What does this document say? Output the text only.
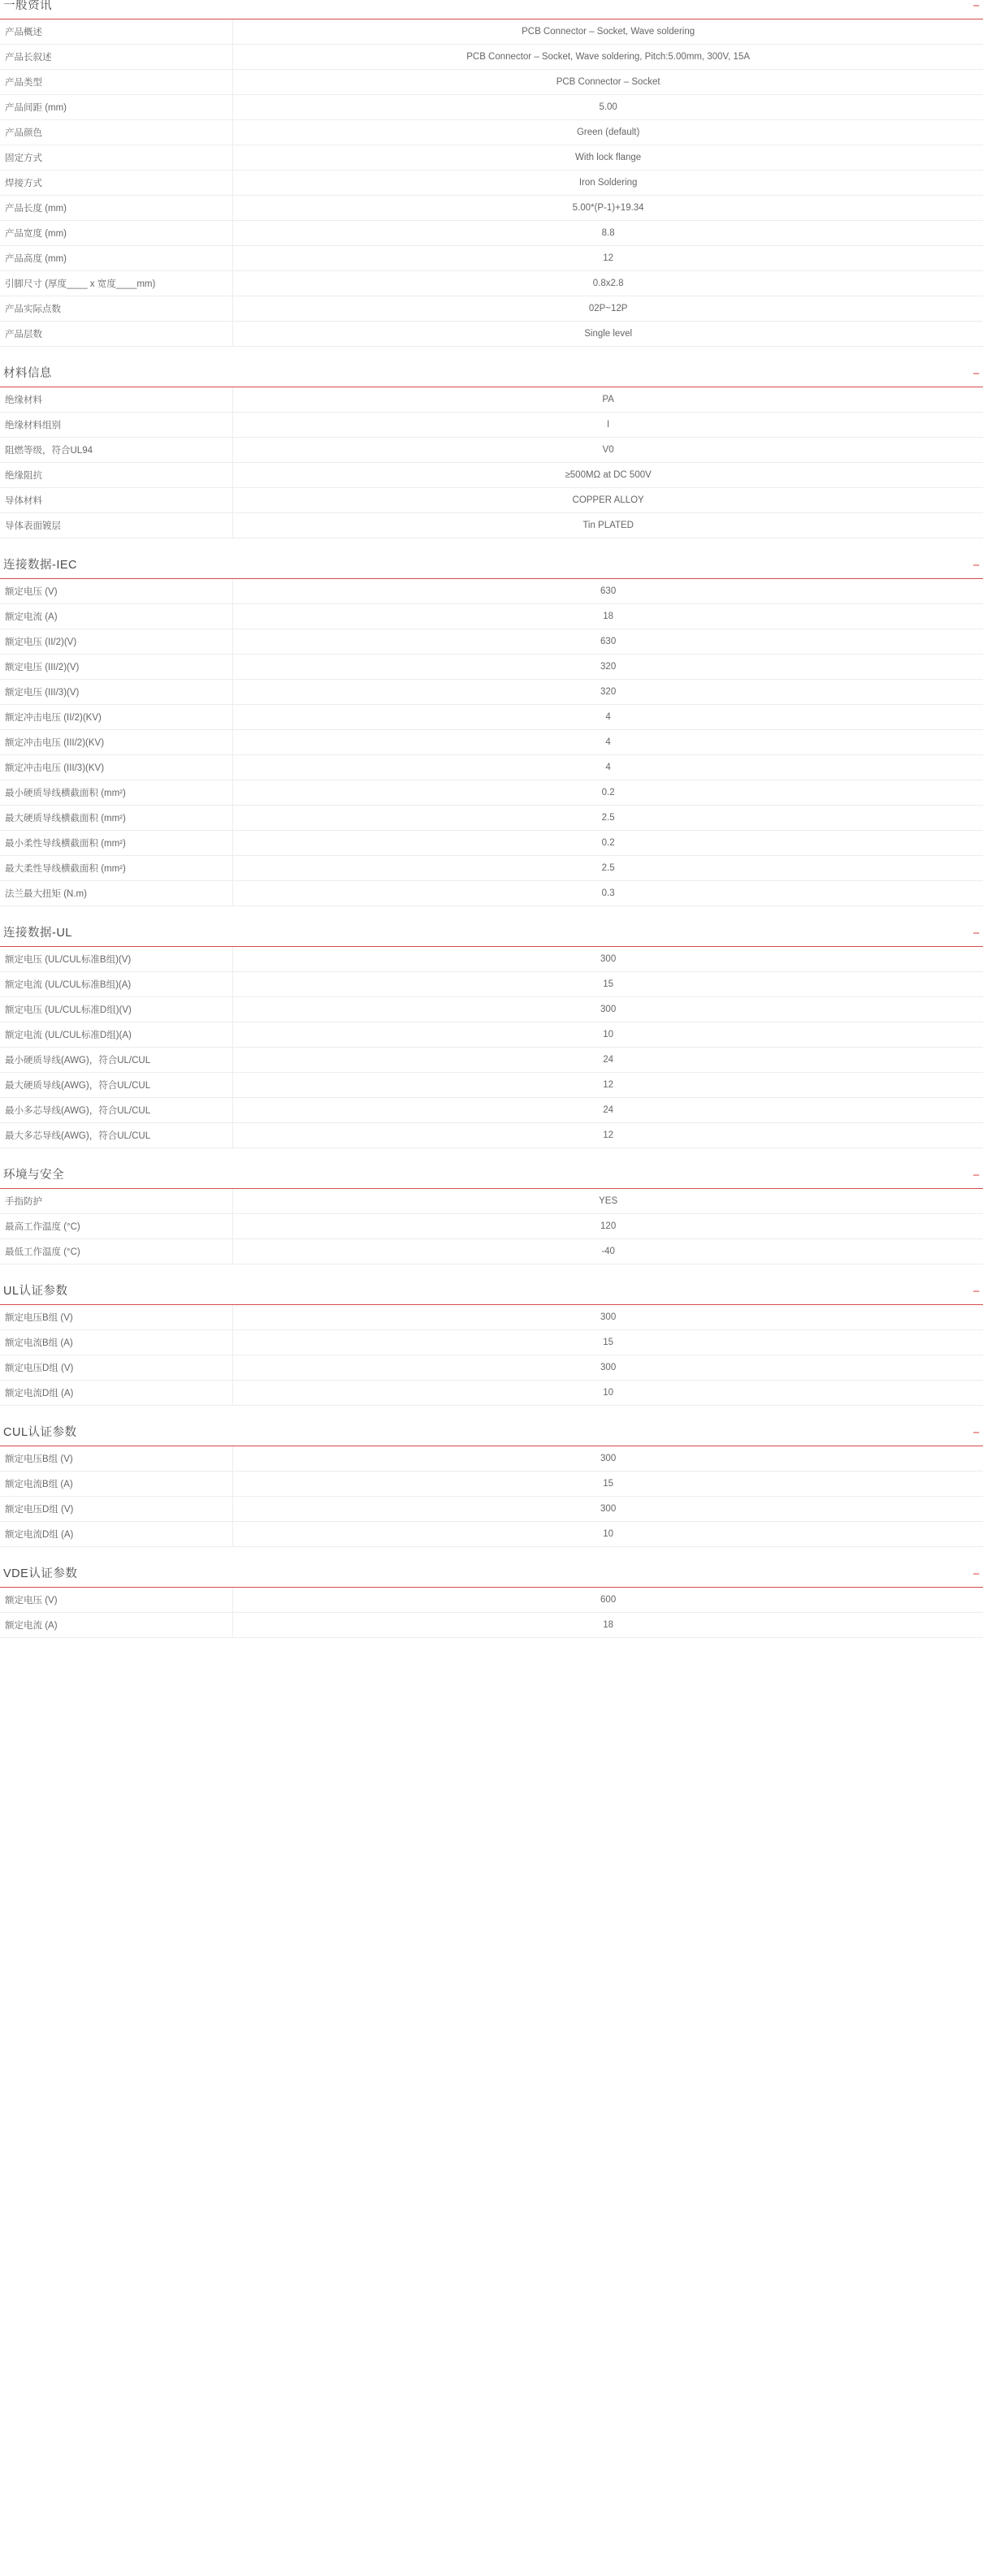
一般资讯	−
产品概述	PCB Connector – Socket, Wave soldering
产品长叙述	PCB Connector – Socket, Wave soldering, Pitch:5.00mm, 300V, 15A
产品类型	PCB Connector – Socket
产品间距 (mm)	5.00
产品颜色	Green (default)
固定方式	With lock flange
焊接方式	Iron Soldering
产品长度 (mm)	5.00*(P-1)+19.34
产品宽度 (mm)	8.8
产品高度 (mm)	12
引脚尺寸 (厚度____ x 宽度____mm)	0.8x2.8
产品实际点数	02P~12P
产品层数	Single level
材料信息	−
绝缘材料	PA
绝缘材料组别	I
阻燃等级，符合UL94	V0
绝缘阻抗	≥500MΩ at DC 500V
导体材料	COPPER ALLOY
导体表面镀层	Tin PLATED
连接数据-IEC	−
额定电压 (V)	630
额定电流 (A)	18
额定电压 (II/2)(V)	630
额定电压 (III/2)(V)	320
额定电压 (III/3)(V)	320
额定冲击电压 (II/2)(KV)	4
额定冲击电压 (III/2)(KV)	4
额定冲击电压 (III/3)(KV)	4
最小硬质导线横截面积 (mm²)	0.2
最大硬质导线横截面积 (mm²)	2.5
最小柔性导线横截面积 (mm²)	0.2
最大柔性导线横截面积 (mm²)	2.5
法兰最大扭矩 (N.m)	0.3
连接数据-UL	−
额定电压 (UL/CUL标准B组)(V)	300
额定电流 (UL/CUL标准B组)(A)	15
额定电压 (UL/CUL标准D组)(V)	300
额定电流 (UL/CUL标准D组)(A)	10
最小硬质导线(AWG)，符合UL/CUL	24
最大硬质导线(AWG)，符合UL/CUL	12
最小多芯导线(AWG)，符合UL/CUL	24
最大多芯导线(AWG)，符合UL/CUL	12
环境与安全	−
手指防护	YES
最高工作温度 (°C)	120
最低工作温度 (°C)	-40
UL认证参数	−
额定电压B组 (V)	300
额定电流B组 (A)	15
额定电压D组 (V)	300
额定电流D组 (A)	10
CUL认证参数	−
额定电压B组 (V)	300
额定电流B组 (A)	15
额定电压D组 (V)	300
额定电流D组 (A)	10
VDE认证参数	−
额定电压 (V)	600
额定电流 (A)	18
